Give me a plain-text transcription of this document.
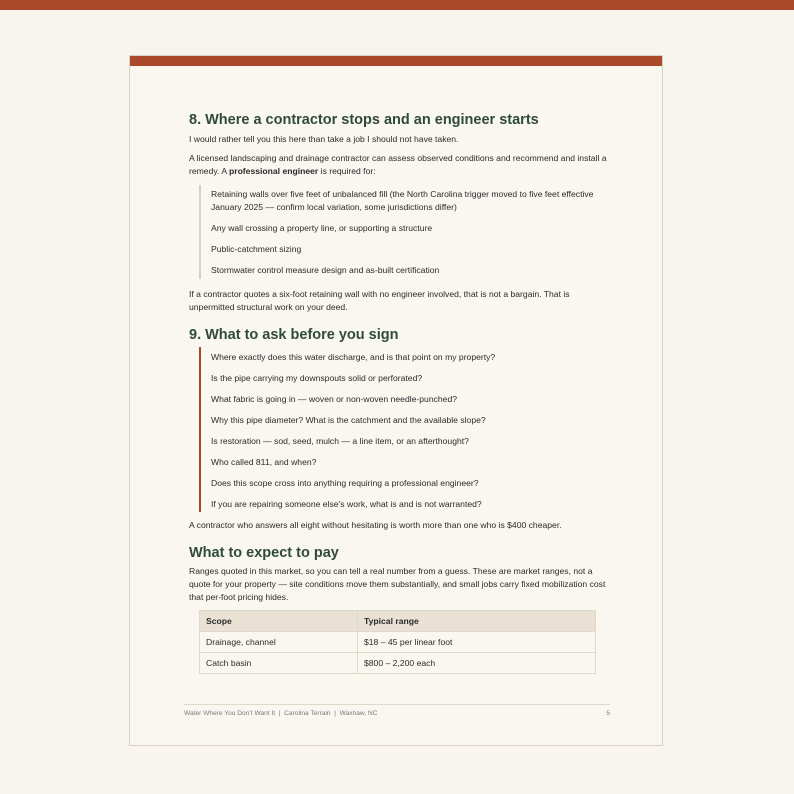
8. Where a contractor stops and an engineer starts

I would rather tell you this here than take a job I should not have taken.

A licensed landscaping and drainage contractor can assess observed conditions and recommend and install a remedy. A professional engineer is required for:

Retaining walls over five feet of unbalanced fill (the North Carolina trigger moved to five feet effective January 2025 — confirm local variation, some jurisdictions differ)
Any wall crossing a property line, or supporting a structure
Public-catchment sizing
Stormwater control measure design and as-built certification

If a contractor quotes a six-foot retaining wall with no engineer involved, that is not a bargain. That is unpermitted structural work on your deed.

9. What to ask before you sign
Where exactly does this water discharge, and is that point on my property?
Is the pipe carrying my downspouts solid or perforated?
What fabric is going in — woven or non-woven needle-punched?
Why this pipe diameter? What is the catchment and the available slope?
Is restoration — sod, seed, mulch — a line item, or an afterthought?
Who called 811, and when?
Does this scope cross into anything requiring a professional engineer?
If you are repairing someone else’s work, what is and is not warranted?

A contractor who answers all eight without hesitating is worth more than one who is $400 cheaper.

What to expect to pay

Ranges quoted in this market, so you can tell a real number from a guess. These are market ranges, not a quote for your property — site conditions move them substantially, and small jobs carry fixed mobilization cost that per-foot pricing hides.

Scope	Typical range
Drainage, channel	$18 – 45 per linear foot
Catch basin	$800 – 2,200 each
Water Where You Don’t Want It  |  Carolina Terrain  |  Waxhaw, NC	5
